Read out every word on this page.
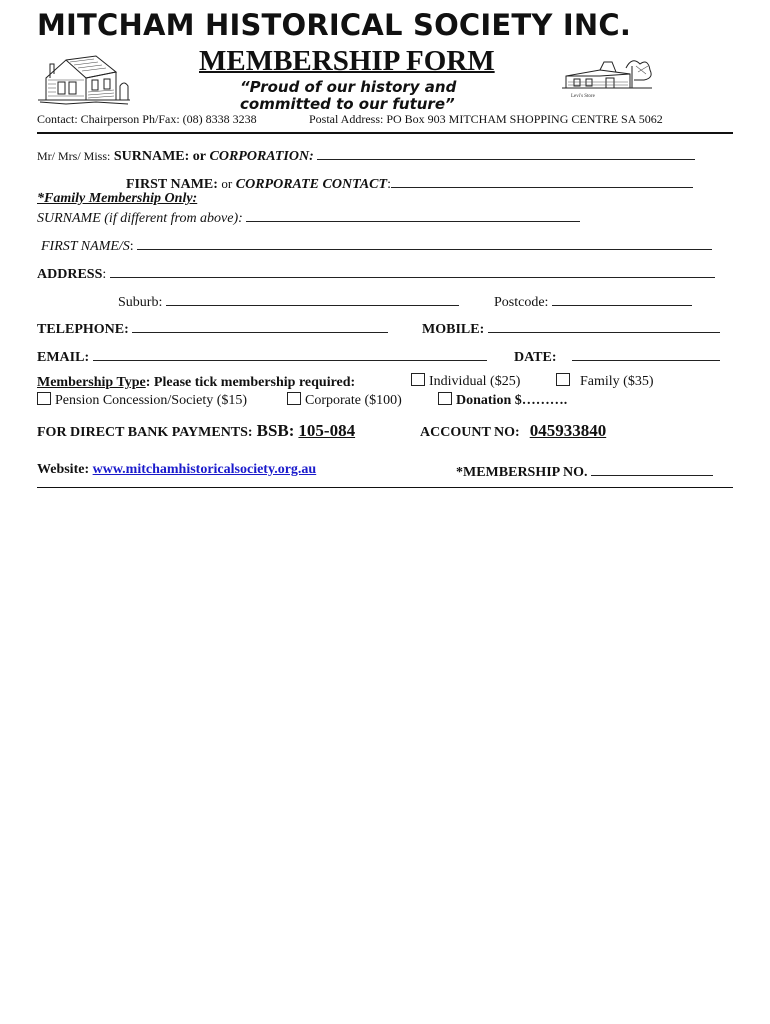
MITCHAM HISTORICAL SOCIETY INC.
MEMBERSHIP FORM
“Proud of our history and
committed to our future”	Levi's Store
Contact: Chairperson Ph/Fax: (08) 8338 3238	Postal Address: PO Box 903 MITCHAM SHOPPING CENTRE SA 5062
Mr/ Mrs/ Miss: SURNAME: or CORPORATION:
FIRST NAME: or CORPORATE CONTACT:
*Family Membership Only:
SURNAME (if different from above):
FIRST NAME/S:
ADDRESS:
Suburb:	Postcode:
TELEPHONE:	MOBILE:
EMAIL:	DATE:
Membership Type: Please tick membership required:	Individual ($25)	Family ($35)
Pension Concession/Society ($15)	Corporate ($100)	Donation $……….
FOR DIRECT BANK PAYMENTS: BSB: 105-084	ACCOUNT NO: 045933840
Website: www.mitchamhistoricalsociety.org.au	*MEMBERSHIP NO.
